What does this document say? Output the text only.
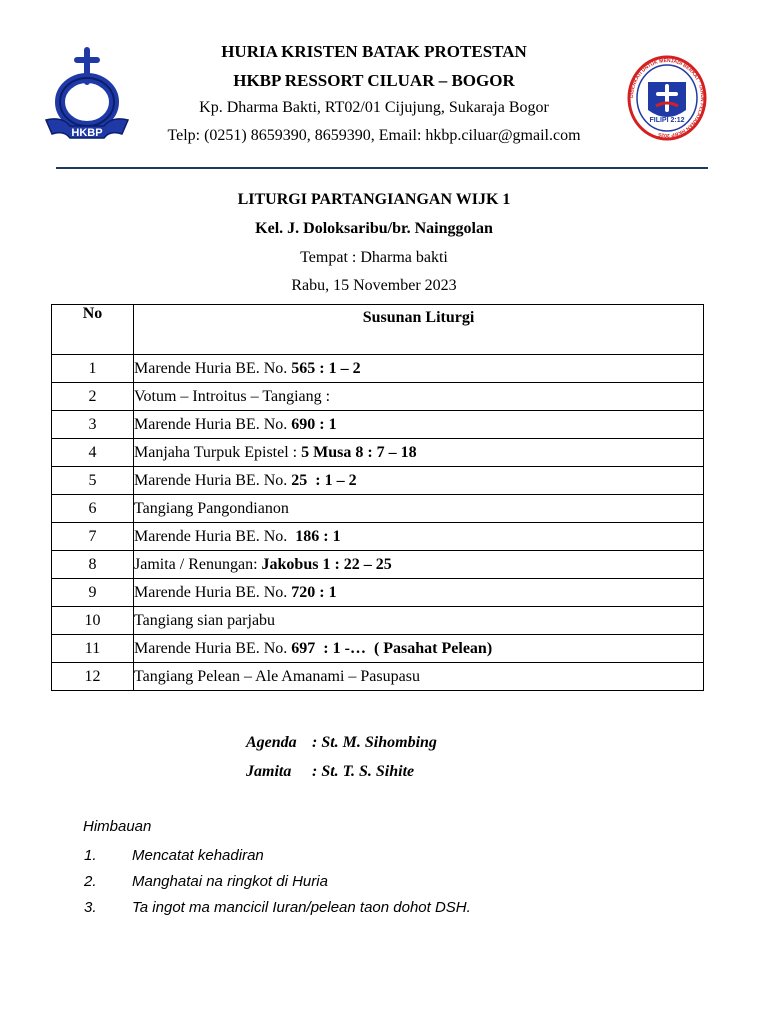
HKBP
HURIA KRISTEN BATAK PROTESTAN
HKBP RESSORT CILUAR – BOGOR
Kp. Dharma Bakti, RT02/01 Cijujung, Sukaraja Bogor
Telp: (0251) 8659390, 8659390, Email: hkbp.ciluar@gmail.com
DIBERKATI UNTUK MENJADI BERKAT · TAHUN PELAYANAN HKBP 2025
FILIPI 2:12
LITURGI PARTANGIANGAN WIJK 1
Kel. J. Doloksaribu/br. Nainggolan
Tempat : Dharma bakti
Rabu, 15 November 2023
No	Susunan Liturgi

1	Marende Huria BE. No. 565 : 1 – 2
2	Votum – Introitus – Tangiang :
3	Marende Huria BE. No. 690 : 1
4	Manjaha Turpuk Epistel : 5 Musa 8 : 7 – 18
5	Marende Huria BE. No. 25  : 1 – 2
6	Tangiang Pangondianon
7	Marende Huria BE. No.  186 : 1
8	Jamita / Renungan: Jakobus 1 : 22 – 25
9	Marende Huria BE. No. 720 : 1
10	Tangiang sian parjabu
11	Marende Huria BE. No. 697  : 1 -…  ( Pasahat Pelean)
12	Tangiang Pelean – Ale Amanami – Pasupasu
Agenda : St. M. Sihombing
Jamita : St. T. S. Sihite
Himbauan
1. Mencatat kehadiran
2. Manghatai na ringkot di Huria
3. Ta ingot ma mancicil Iuran/pelean taon dohot DSH.
